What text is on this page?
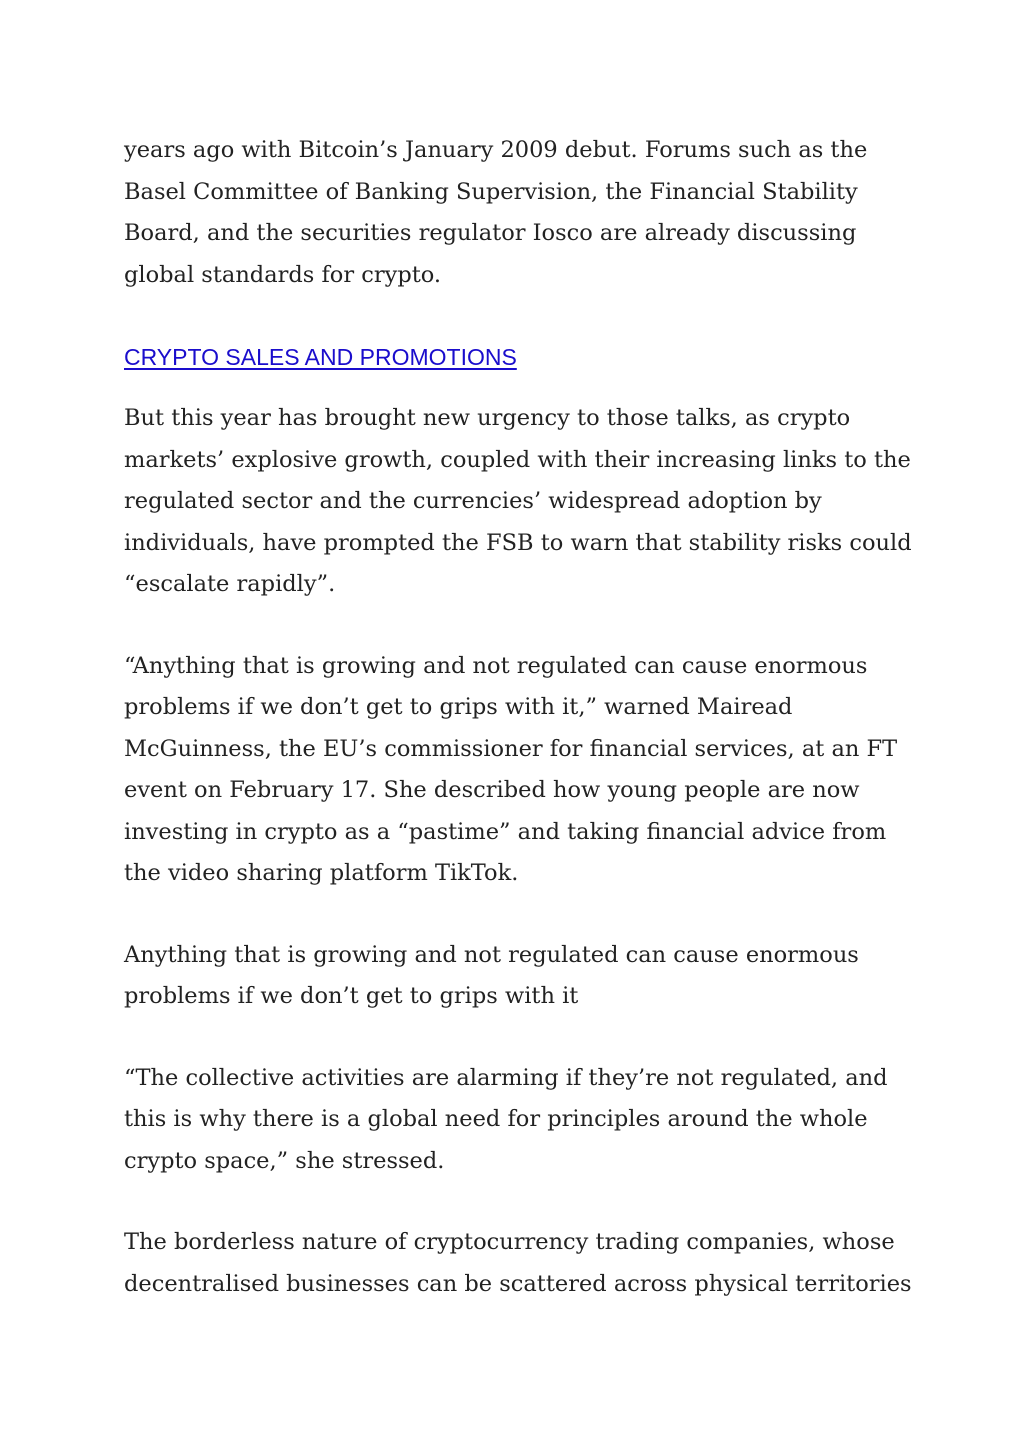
years ago with Bitcoin’s January 2009 debut. Forums such as the Basel Committee of Banking Supervision, the Financial Stability Board, and the securities regulator Iosco are already discussing global standards for crypto.

CRYPTO SALES AND PROMOTIONS

But this year has brought new urgency to those talks, as crypto markets’ explosive growth, coupled with their increasing links to the regulated sector and the currencies’ widespread adoption by individuals, have prompted the FSB to warn that stability risks could “escalate rapidly”.

“Anything that is growing and not regulated can cause enormous problems if we don’t get to grips with it,” warned Mairead McGuinness, the EU’s commissioner for financial services, at an FT event on February 17. She described how young people are now investing in crypto as a “pastime” and taking financial advice from the video sharing platform TikTok.

Anything that is growing and not regulated can cause enormous problems if we don’t get to grips with it

“The collective activities are alarming if they’re not regulated, and this is why there is a global need for principles around the whole crypto space,” she stressed.

The borderless nature of cryptocurrency trading companies, whose decentralised businesses can be scattered across physical territories
